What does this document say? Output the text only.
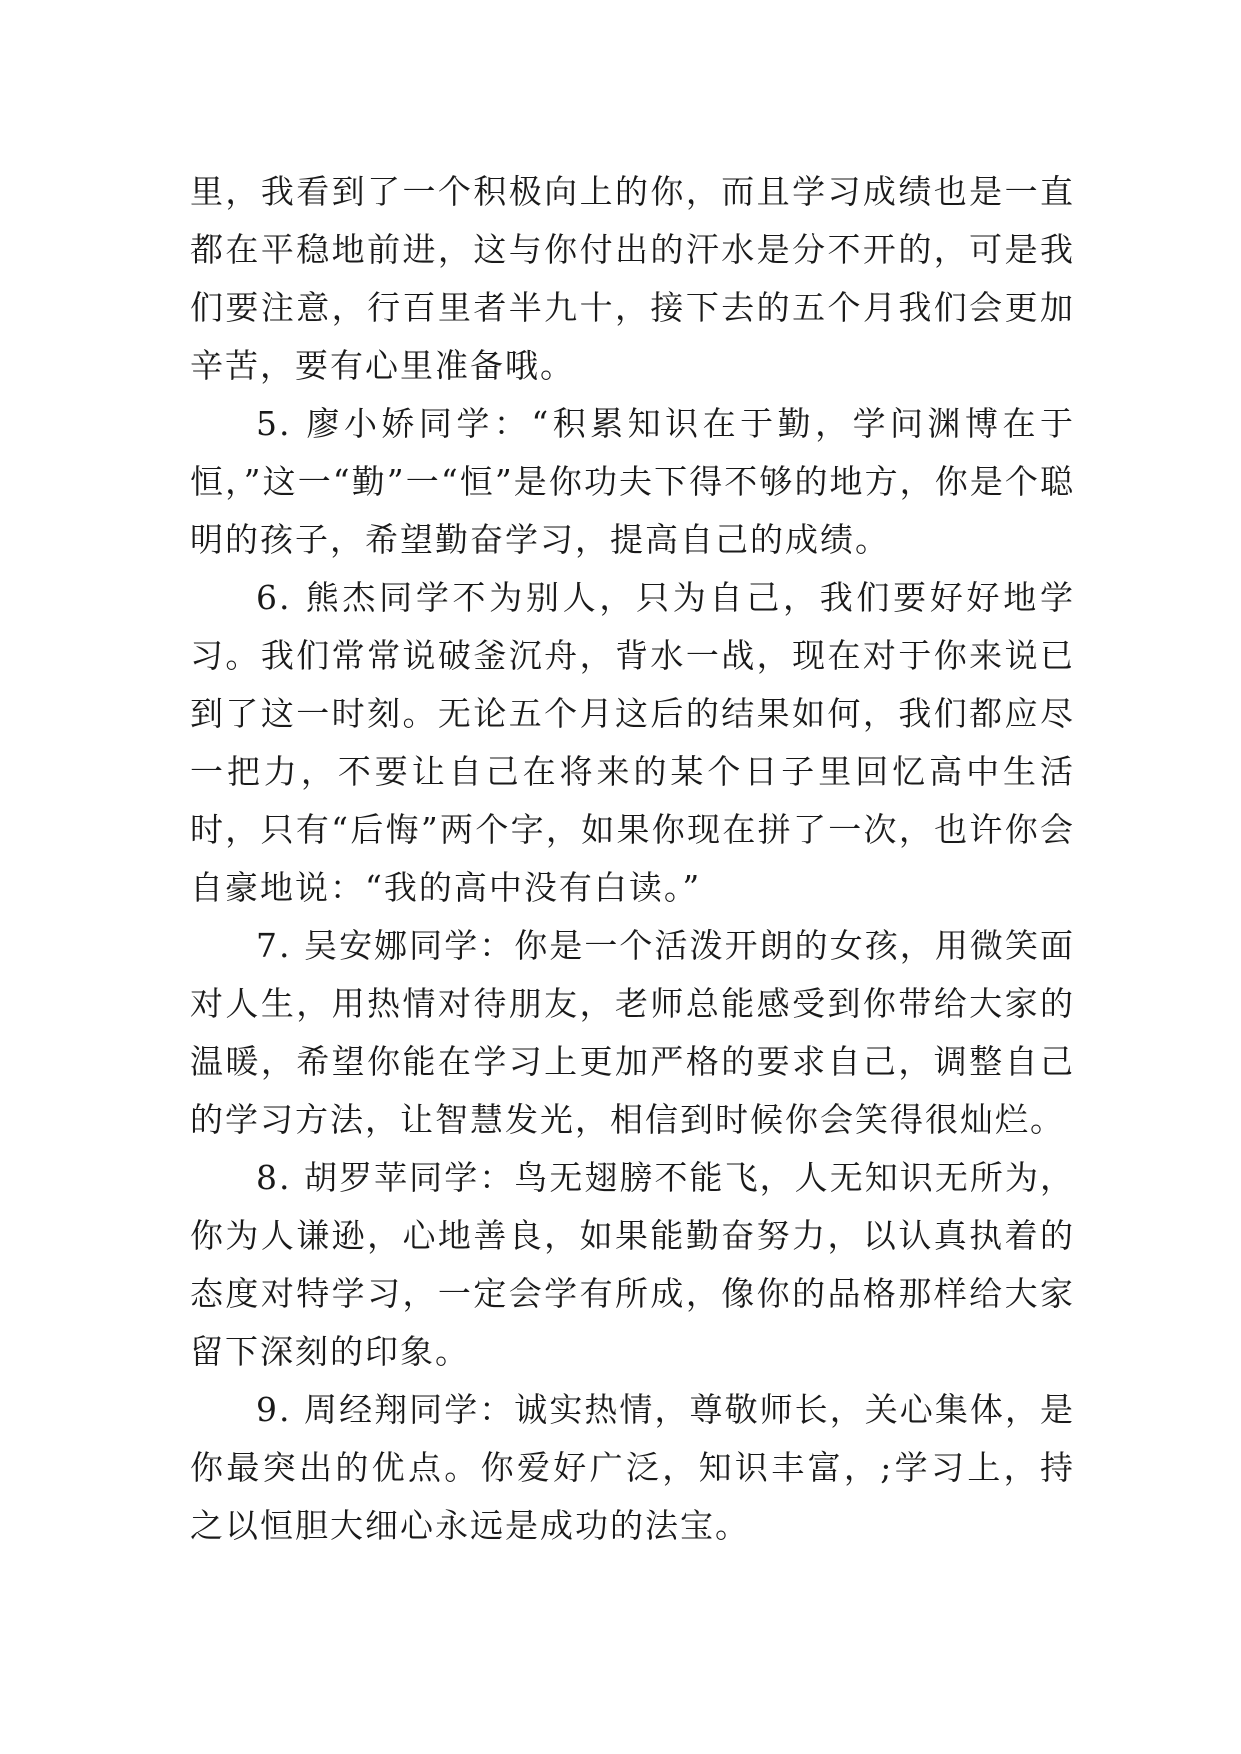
里，我看到了一个积极向上的你，而且学习成绩也是一直都在平稳地前进，这与你付出的汗水是分不开的，可是我们要注意，行百里者半九十，接下去的五个月我们会更加辛苦，要有心里准备哦。

5. 廖小娇同学：“积累知识在于勤，学问渊博在于恒，”这一“勤”一“恒”是你功夫下得不够的地方，你是个聪明的孩子，希望勤奋学习，提高自己的成绩。

6. 熊杰同学不为别人，只为自己，我们要好好地学习。我们常常说破釜沉舟，背水一战，现在对于你来说已到了这一时刻。无论五个月这后的结果如何，我们都应尽一把力，不要让自己在将来的某个日子里回忆高中生活时，只有“后悔”两个字，如果你现在拼了一次，也许你会自豪地说：“我的高中没有白读。”

7. 吴安娜同学：你是一个活泼开朗的女孩，用微笑面对人生，用热情对待朋友，老师总能感受到你带给大家的温暖，希望你能在学习上更加严格的要求自己，调整自己的学习方法，让智慧发光，相信到时候你会笑得很灿烂。

8. 胡罗苹同学：鸟无翅膀不能飞，人无知识无所为，你为人谦逊，心地善良，如果能勤奋努力，以认真执着的态度对特学习，一定会学有所成，像你的品格那样给大家留下深刻的印象。

9. 周经翔同学：诚实热情，尊敬师长，关心集体，是你最突出的优点。你爱好广泛，知识丰富，;学习上，持之以恒胆大细心永远是成功的法宝。
